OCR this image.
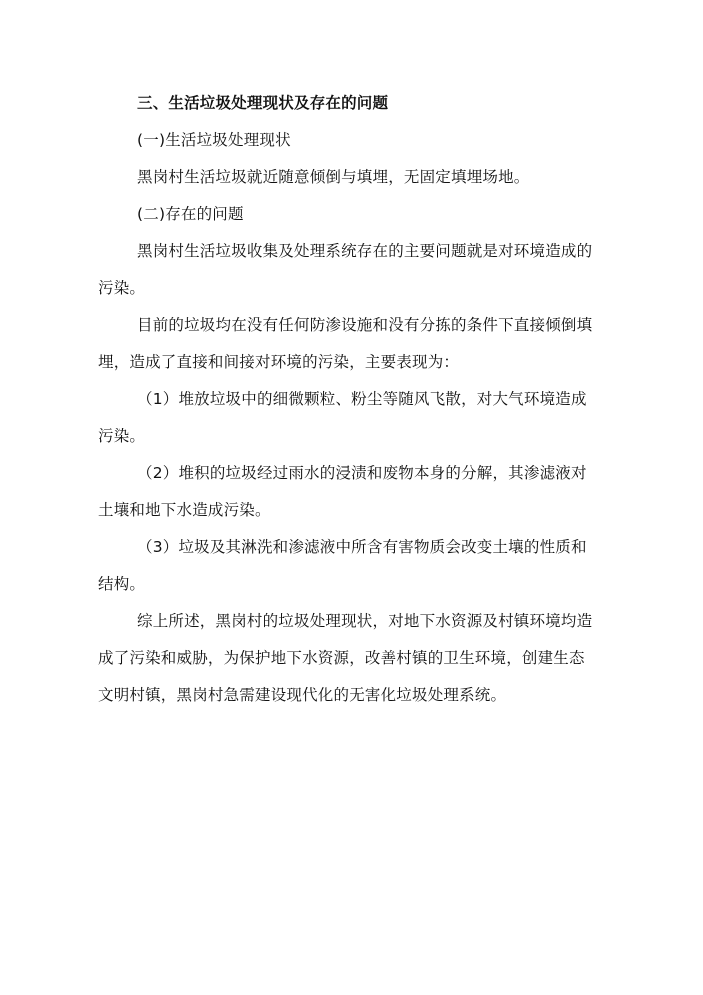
三、生活垃圾处理现状及存在的问题
(一)生活垃圾处理现状
黑岗村生活垃圾就近随意倾倒与填埋，无固定填埋场地。
(二)存在的问题
黑岗村生活垃圾收集及处理系统存在的主要问题就是对环境造成的
污染。
目前的垃圾均在没有任何防渗设施和没有分拣的条件下直接倾倒填
埋，造成了直接和间接对环境的污染，主要表现为：
（1）堆放垃圾中的细微颗粒、粉尘等随风飞散，对大气环境造成
污染。
（2）堆积的垃圾经过雨水的浸渍和废物本身的分解，其渗滤液对
土壤和地下水造成污染。
（3）垃圾及其淋洗和渗滤液中所含有害物质会改变土壤的性质和
结构。
综上所述，黑岗村的垃圾处理现状，对地下水资源及村镇环境均造
成了污染和威胁，为保护地下水资源，改善村镇的卫生环境，创建生态
文明村镇，黑岗村急需建设现代化的无害化垃圾处理系统。
